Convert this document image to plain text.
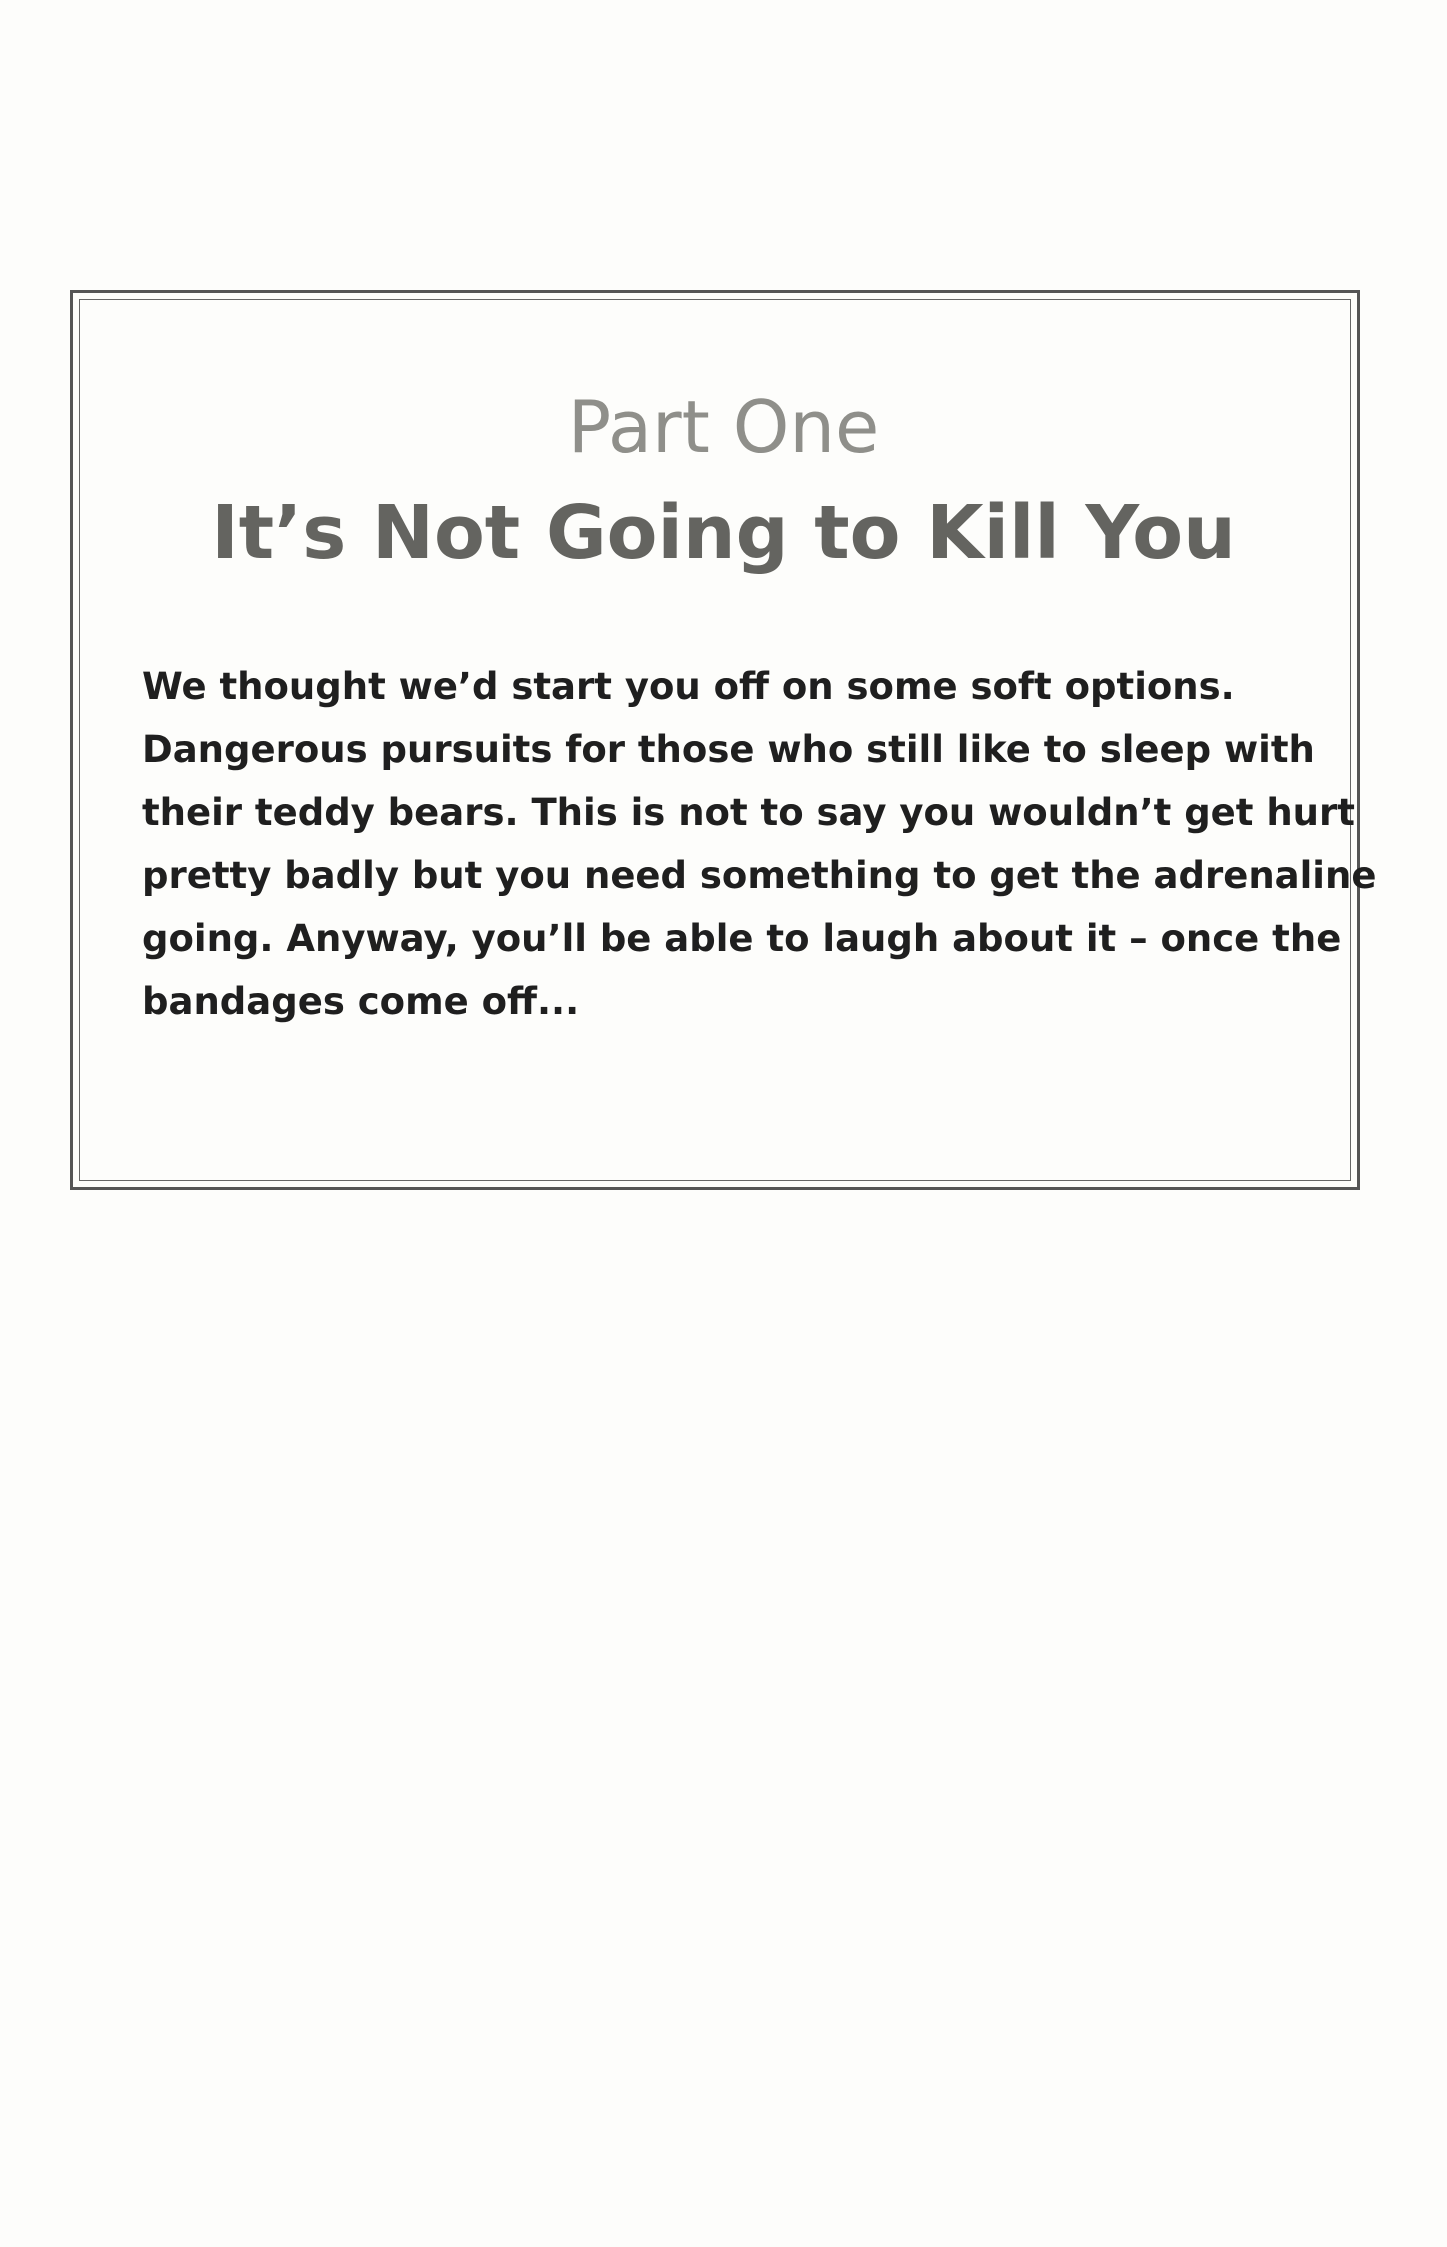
Part One
It’s Not Going to Kill You

We thought we’d start you off on some soft options.
Dangerous pursuits for those who still like to sleep with
their teddy bears. This is not to say you wouldn’t get hurt
pretty badly but you need something to get the adrenaline
going. Anyway, you’ll be able to laugh about it – once the
bandages come off...
